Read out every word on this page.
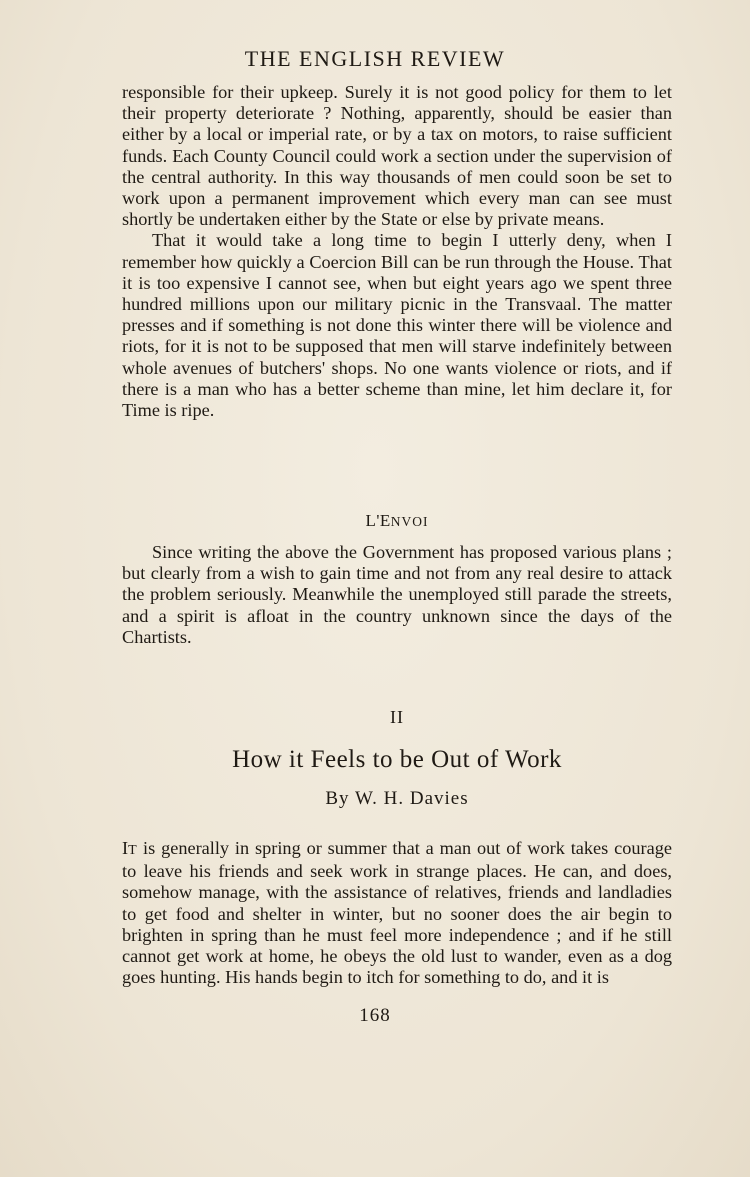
THE ENGLISH REVIEW

responsible for their upkeep. Surely it is not good policy for them to let their property deteriorate ? Nothing, apparently, should be easier than either by a local or imperial rate, or by a tax on motors, to raise sufficient funds. Each County Council could work a section under the supervision of the central authority. In this way thousands of men could soon be set to work upon a permanent improvement which every man can see must shortly be undertaken either by the State or else by private means.

That it would take a long time to begin I utterly deny, when I remember how quickly a Coercion Bill can be run through the House. That it is too expensive I cannot see, when but eight years ago we spent three hundred millions upon our military picnic in the Transvaal. The matter presses and if something is not done this winter there will be violence and riots, for it is not to be supposed that men will starve indefinitely between whole avenues of butchers' shops. No one wants violence or riots, and if there is a man who has a better scheme than mine, let him declare it, for Time is ripe.

L'ENVOI

Since writing the above the Government has proposed various plans ; but clearly from a wish to gain time and not from any real desire to attack the problem seriously. Meanwhile the unemployed still parade the streets, and a spirit is afloat in the country unknown since the days of the Chartists.

II
How it Feels to be Out of Work
By W. H. Davies

IT is generally in spring or summer that a man out of work takes courage to leave his friends and seek work in strange places. He can, and does, somehow manage, with the assistance of relatives, friends and landladies to get food and shelter in winter, but no sooner does the air begin to brighten in spring than he must feel more independence ; and if he still cannot get work at home, he obeys the old lust to wander, even as a dog goes hunting. His hands begin to itch for something to do, and it is

168
